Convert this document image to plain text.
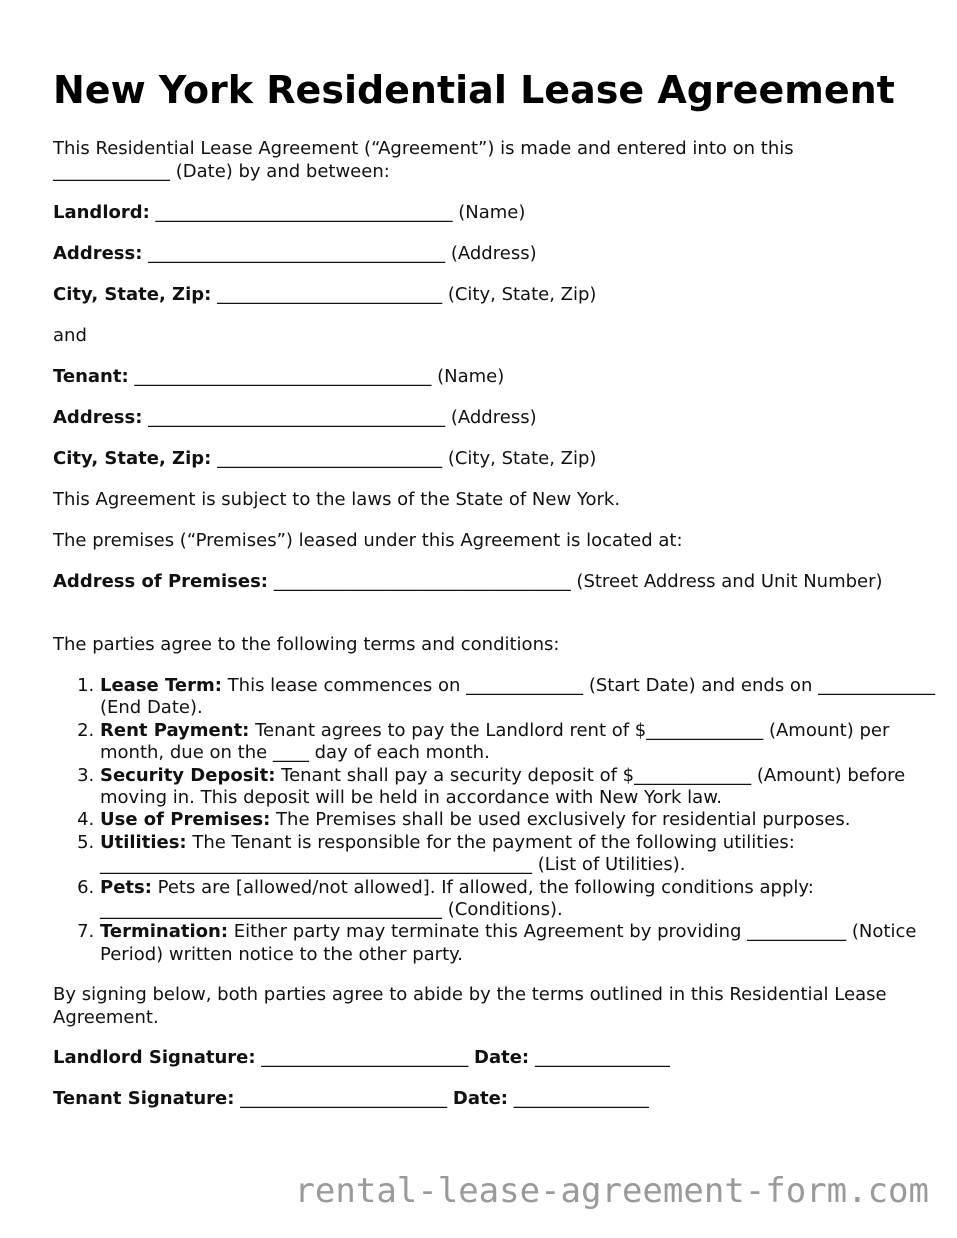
New York Residential Lease Agreement

This Residential Lease Agreement (“Agreement”) is made and entered into on this _____________ (Date) by and between:

Landlord: _________________________________ (Name)

Address: _________________________________ (Address)

City, State, Zip: _________________________ (City, State, Zip)

and

Tenant: _________________________________ (Name)

Address: _________________________________ (Address)

City, State, Zip: _________________________ (City, State, Zip)

This Agreement is subject to the laws of the State of New York.

The premises (“Premises”) leased under this Agreement is located at:

Address of Premises: _________________________________ (Street Address and Unit Number)

The parties agree to the following terms and conditions:

1. Lease Term: This lease commences on _____________ (Start Date) and ends on _____________ (End Date).
2. Rent Payment: Tenant agrees to pay the Landlord rent of $_____________ (Amount) per month, due on the ____ day of each month.
3. Security Deposit: Tenant shall pay a security deposit of $_____________ (Amount) before moving in. This deposit will be held in accordance with New York law.
4. Use of Premises: The Premises shall be used exclusively for residential purposes.
5. Utilities: The Tenant is responsible for the payment of the following utilities: ________________________________________________ (List of Utilities).
6. Pets: Pets are [allowed/not allowed]. If allowed, the following conditions apply: ______________________________________ (Conditions).
7. Termination: Either party may terminate this Agreement by providing ___________ (Notice Period) written notice to the other party.

By signing below, both parties agree to abide by the terms outlined in this Residential Lease Agreement.

Landlord Signature: _______________________ Date: _______________

Tenant Signature: _______________________ Date: _______________

rental-lease-agreement-form.com
